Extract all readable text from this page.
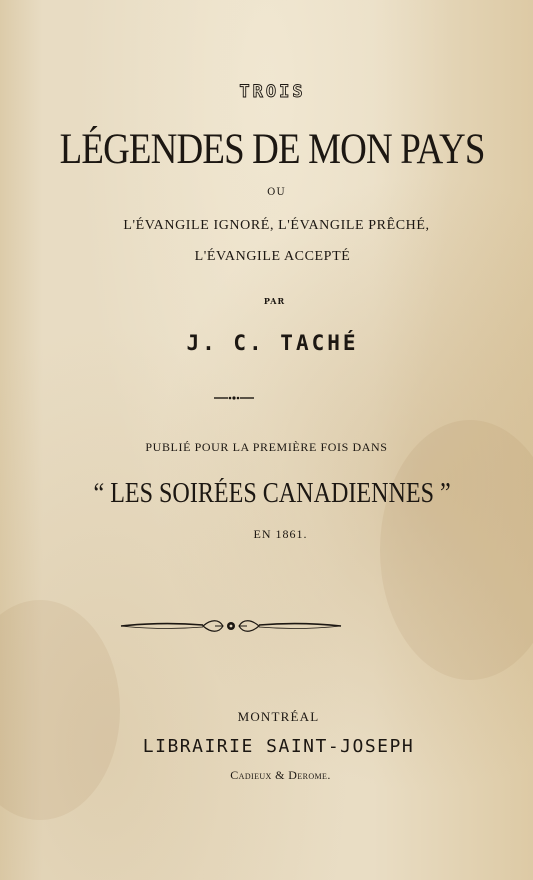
TROIS
LÉGENDES DE MON PAYS
OU
L'ÉVANGILE IGNORÉ, L'ÉVANGILE PRÊCHÉ,
L'ÉVANGILE ACCEPTÉ
PAR
J. C. TACHÉ
PUBLIÉ POUR LA PREMIÈRE FOIS DANS
“ LES SOIRÉES CANADIENNES ”
EN 1861.
MONTRÉAL
LIBRAIRIE SAINT-JOSEPH
Cadieux & Derome.
